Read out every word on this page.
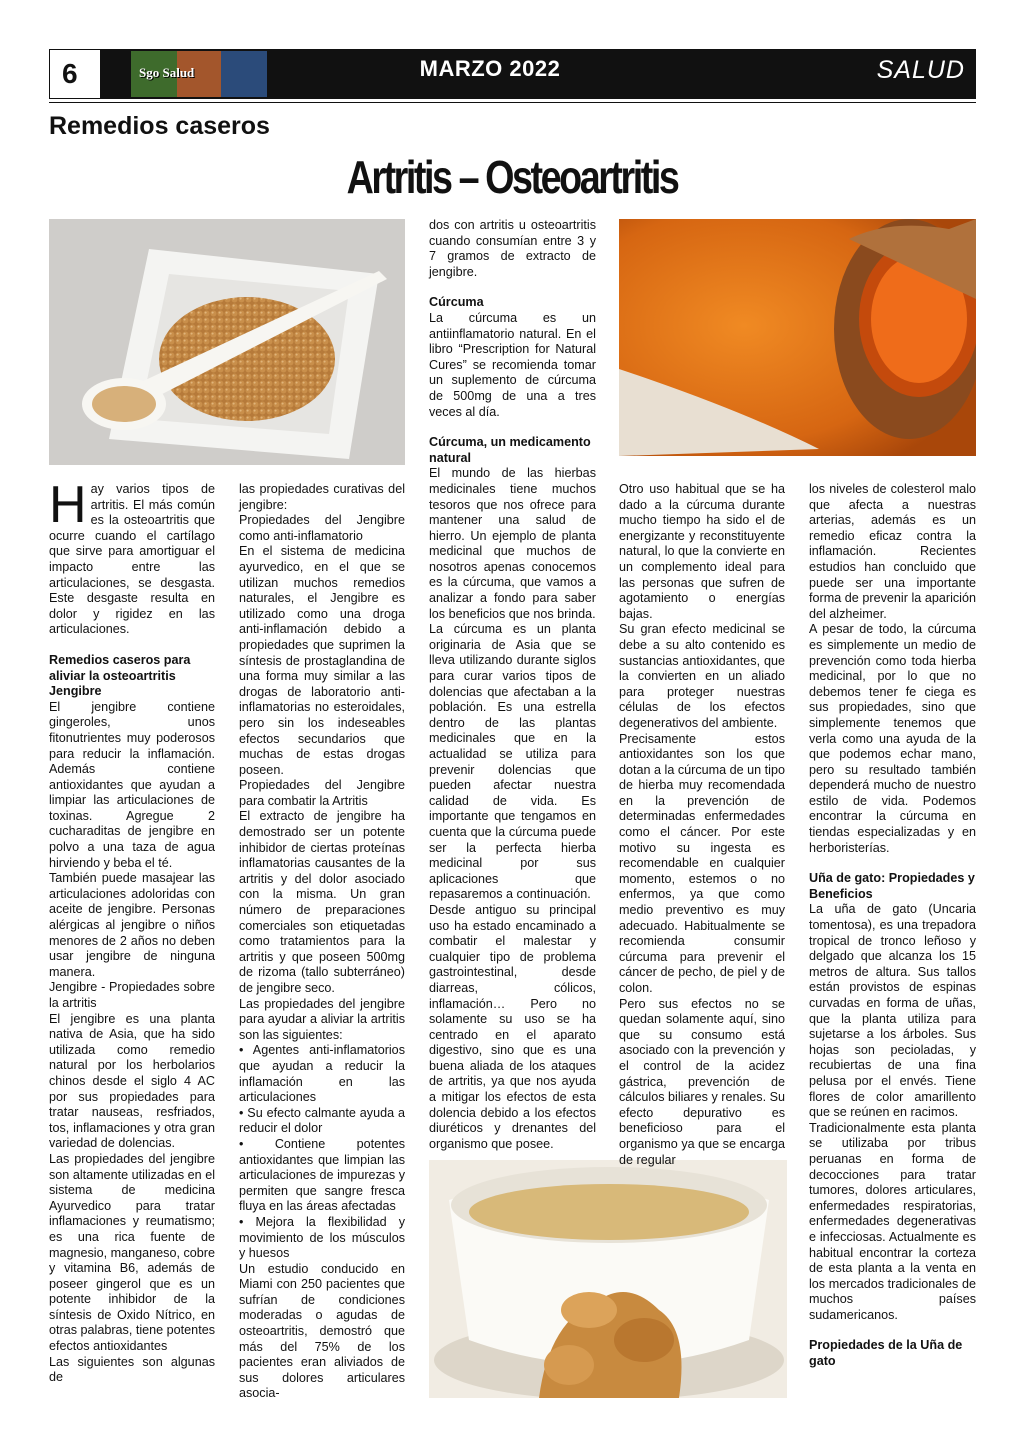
6	Sgo Salud	MARZO 2022	SALUD
Remedios caseros
Artritis – Osteoartritis

Hay varios tipos de artritis. El más común es la osteoartritis que ocurre cuando el cartílago que sirve para amortiguar el impacto entre las articulaciones, se desgasta. Este desgaste resulta en dolor y rigidez en las articulaciones.

Remedios caseros para aliviar la osteoartritis

Jengibre

El jengibre contiene gingeroles, unos fitonutrientes muy poderosos para reducir la inflamación. Además contiene antioxidantes que ayudan a limpiar las articulaciones de toxinas. Agregue 2 cucharaditas de jengibre en polvo a una taza de agua hirviendo y beba el té.

También puede masajear las articulaciones adoloridas con aceite de jengibre. Personas alérgicas al jengibre o niños menores de 2 años no deben usar jengibre de ninguna manera.

Jengibre - Propiedades sobre la artritis

El jengibre es una planta nativa de Asia, que ha sido utilizada como remedio natural por los herbolarios chinos desde el siglo 4 AC por sus propiedades para tratar nauseas, resfriados, tos, inflamaciones y otra gran variedad de dolencias.

Las propiedades del jengibre son altamente utilizadas en el sistema de medicina Ayurvedico para tratar inflamaciones y reumatismo; es una rica fuente de magnesio, manganeso, cobre y vitamina B6, además de poseer gingerol que es un potente inhibidor de la síntesis de Oxido Nítrico, en otras palabras, tiene potentes efectos antioxidantes

Las siguientes son algunas de

las propiedades curativas del jengibre:

Propiedades del Jengibre como anti-inflamatorio

En el sistema de medicina ayurvedico, en el que se utilizan muchos remedios naturales, el Jengibre es utilizado como una droga anti-inflamación debido a propiedades que suprimen la síntesis de prostaglandina de una forma muy similar a las drogas de laboratorio anti-inflamatorias no esteroidales, pero sin los indeseables efectos secundarios que muchas de estas drogas poseen.

Propiedades del Jengibre para combatir la Artritis

El extracto de jengibre ha demostrado ser un potente inhibidor de ciertas proteínas inflamatorias causantes de la artritis y del dolor asociado con la misma. Un gran número de preparaciones comerciales son etiquetadas como tratamientos para la artritis y que poseen 500mg de rizoma (tallo subterráneo) de jengibre seco.

Las propiedades del jengibre para ayudar a aliviar la artritis son las siguientes:

• Agentes anti-inflamatorios que ayudan a reducir la inflamación en las articulaciones

• Su efecto calmante ayuda a reducir el dolor

• Contiene potentes antioxidantes que limpian las articulaciones de impurezas y permiten que sangre fresca fluya en las áreas afectadas

• Mejora la flexibilidad y movimiento de los músculos y huesos

Un estudio conducido en Miami con 250 pacientes que sufrían de condiciones moderadas o agudas de osteoartritis, demostró que más del 75% de los pacientes eran aliviados de sus dolores articulares asocia-

dos con artritis u osteoartritis cuando consumían entre 3 y 7 gramos de extracto de jengibre.

Cúrcuma

La cúrcuma es un antiinflamatorio natural. En el libro “Prescription for Natural Cures” se recomienda tomar un suplemento de cúrcuma de 500mg de una a tres veces al día.

Cúrcuma, un medicamento natural

El mundo de las hierbas medicinales tiene muchos tesoros que nos ofrece para mantener una salud de hierro. Un ejemplo de planta medicinal que muchos de nosotros apenas conocemos es la cúrcuma, que vamos a analizar a fondo para saber los beneficios que nos brinda.

La cúrcuma es un planta originaria de Asia que se lleva utilizando durante siglos para curar varios tipos de dolencias que afectaban a la población. Es una estrella dentro de las plantas medicinales que en la actualidad se utiliza para prevenir dolencias que pueden afectar nuestra calidad de vida. Es importante que tengamos en cuenta que la cúrcuma puede ser la perfecta hierba medicinal por sus aplicaciones que repasaremos a continuación.

Desde antiguo su principal uso ha estado encaminado a combatir el malestar y cualquier tipo de problema gastrointestinal, desde diarreas, cólicos, inflamación… Pero no solamente su uso se ha centrado en el aparato digestivo, sino que es una buena aliada de los ataques de artritis, ya que nos ayuda a mitigar los efectos de esta dolencia debido a los efectos diuréticos y drenantes del organismo que posee.

Otro uso habitual que se ha dado a la cúrcuma durante mucho tiempo ha sido el de energizante y reconstituyente natural, lo que la convierte en un complemento ideal para las personas que sufren de agotamiento o energías bajas.

Su gran efecto medicinal se debe a su alto contenido es sustancias antioxidantes, que la convierten en un aliado para proteger nuestras células de los efectos degenerativos del ambiente.

Precisamente estos antioxidantes son los que dotan a la cúrcuma de un tipo de hierba muy recomendada en la prevención de determinadas enfermedades como el cáncer. Por este motivo su ingesta es recomendable en cualquier momento, estemos o no enfermos, ya que como medio preventivo es muy adecuado. Habitualmente se recomienda consumir cúrcuma para prevenir el cáncer de pecho, de piel y de colon.

Pero sus efectos no se quedan solamente aquí, sino que su consumo está asociado con la prevención y el control de la acidez gástrica, prevención de cálculos biliares y renales. Su efecto depurativo es beneficioso para el organismo ya que se encarga de regular

los niveles de colesterol malo que afecta a nuestras arterias, además es un remedio eficaz contra la inflamación. Recientes estudios han concluido que puede ser una importante forma de prevenir la aparición del alzheimer.

A pesar de todo, la cúrcuma es simplemente un medio de prevención como toda hierba medicinal, por lo que no debemos tener fe ciega es sus propiedades, sino que simplemente tenemos que verla como una ayuda de la que podemos echar mano, pero su resultado también dependerá mucho de nuestro estilo de vida. Podemos encontrar la cúrcuma en tiendas especializadas y en herboristerías.

Uña de gato: Propiedades y Beneficios

La uña de gato (Uncaria tomentosa), es una trepadora tropical de tronco leñoso y delgado que alcanza los 15 metros de altura. Sus tallos están provistos de espinas curvadas en forma de uñas, que la planta utiliza para sujetarse a los árboles. Sus hojas son pecioladas, y recubiertas de una fina pelusa por el envés. Tiene flores de color amarillento que se reúnen en racimos.

Tradicionalmente esta planta se utilizaba por tribus peruanas en forma de decocciones para tratar tumores, dolores articulares, enfermedades respiratorias, enfermedades degenerativas e infecciosas. Actualmente es habitual encontrar la corteza de esta planta a la venta en los mercados tradicionales de muchos países sudamericanos.

Propiedades de la Uña de gato
